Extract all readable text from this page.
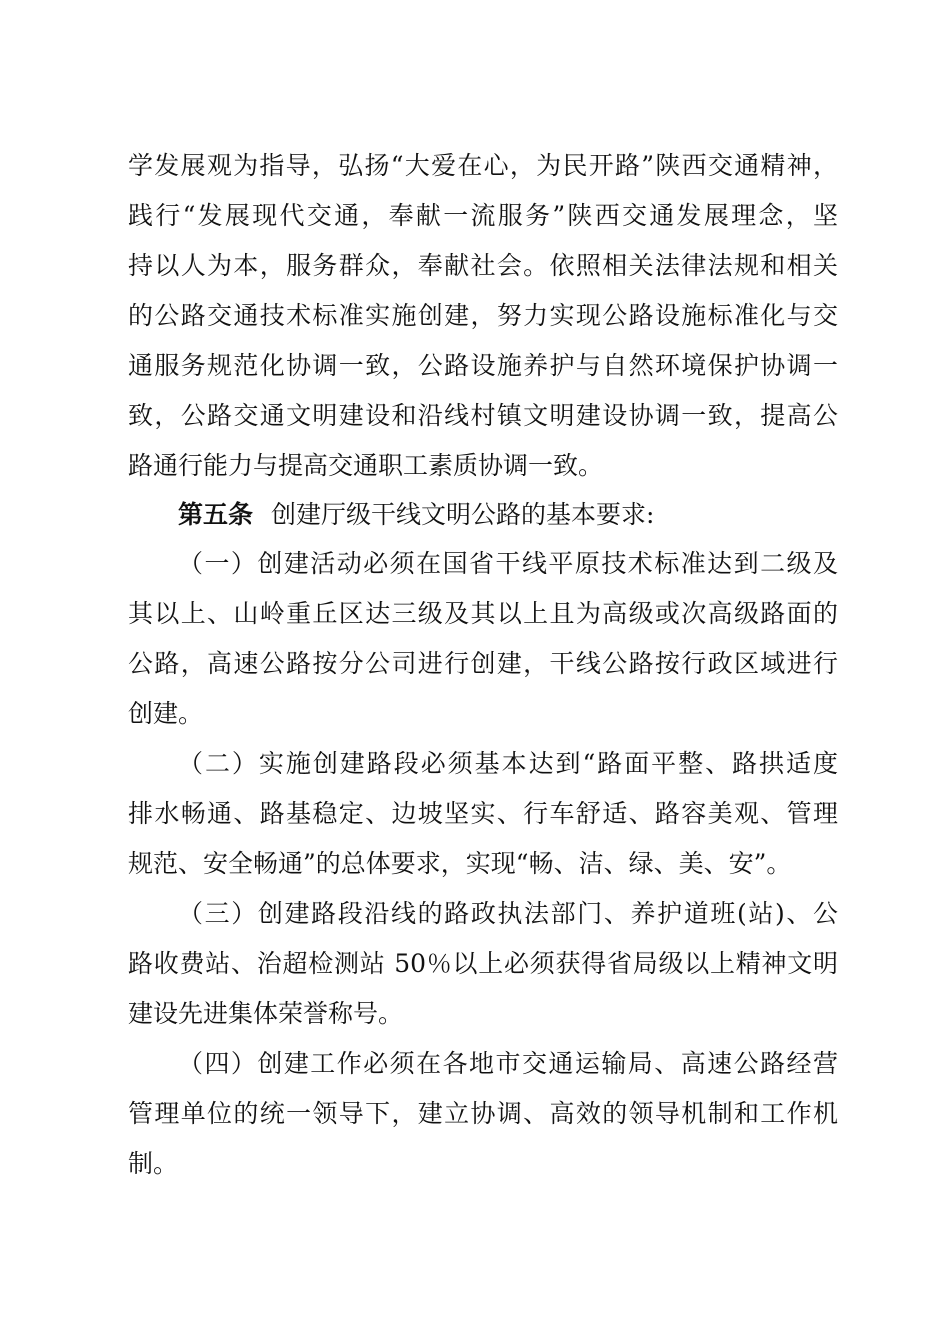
学发展观为指导，弘扬“大爱在心，为民开路”陕西交通精神，
践行“发展现代交通，奉献一流服务”陕西交通发展理念，坚
持以人为本，服务群众，奉献社会。依照相关法律法规和相关
的公路交通技术标准实施创建，努力实现公路设施标准化与交
通服务规范化协调一致，公路设施养护与自然环境保护协调一
致，公路交通文明建设和沿线村镇文明建设协调一致，提高公
路通行能力与提高交通职工素质协调一致。
第五条 创建厅级干线文明公路的基本要求:
（一）创建活动必须在国省干线平原技术标准达到二级及
其以上、山岭重丘区达三级及其以上且为高级或次高级路面的
公路，高速公路按分公司进行创建，干线公路按行政区域进行
创建。
（二）实施创建路段必须基本达到“路面平整、路拱适度
排水畅通、路基稳定、边坡坚实、行车舒适、路容美观、管理
规范、安全畅通”的总体要求，实现“畅、洁、绿、美、安”。
（三）创建路段沿线的路政执法部门、养护道班(站)、公
路收费站、治超检测站 50％以上必须获得省局级以上精神文明
建设先进集体荣誉称号。
（四）创建工作必须在各地市交通运输局、高速公路经营
管理单位的统一领导下，建立协调、高效的领导机制和工作机
制。
